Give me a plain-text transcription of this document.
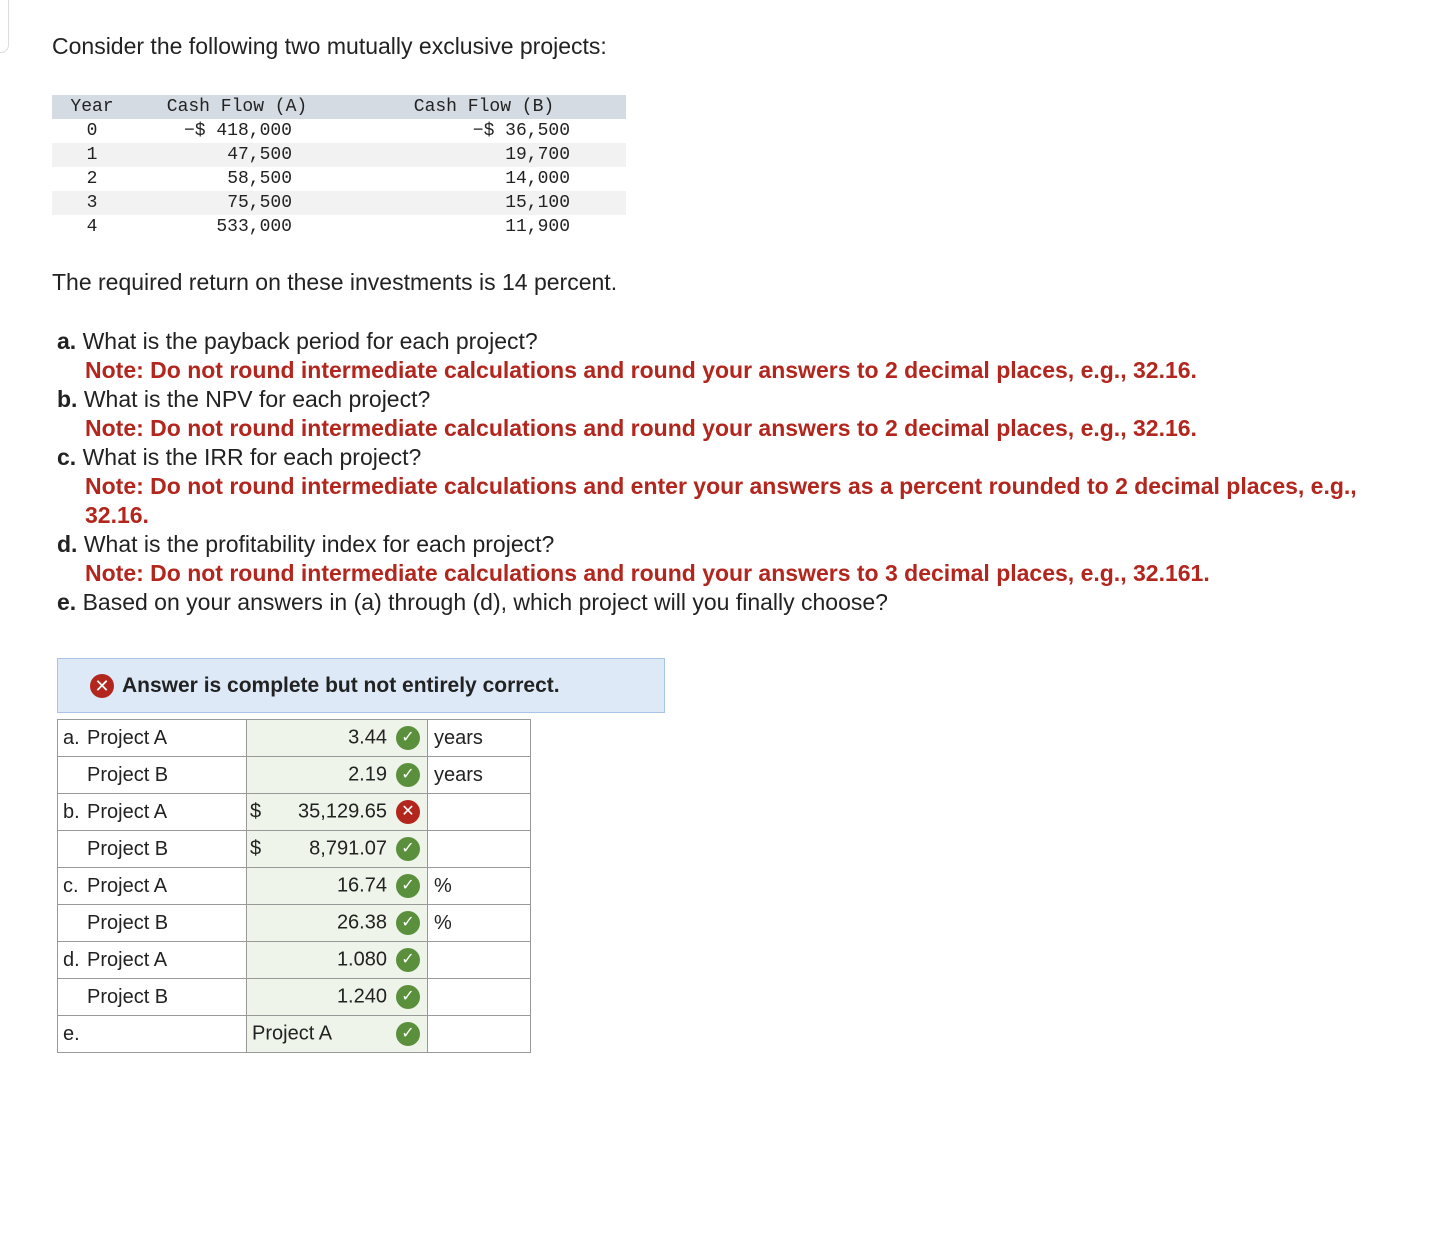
Consider the following two mutually exclusive projects:
Year	Cash Flow (A)	Cash Flow (B)
0	−$ 418,000	−$ 36,500
1	47,500	19,700
2	58,500	14,000
3	75,500	15,100
4	533,000	11,900
The required return on these investments is 14 percent.
a. What is the payback period for each project?
Note: Do not round intermediate calculations and round your answers to 2 decimal places, e.g., 32.16.
b. What is the NPV for each project?
Note: Do not round intermediate calculations and round your answers to 2 decimal places, e.g., 32.16.
c. What is the IRR for each project?
Note: Do not round intermediate calculations and enter your answers as a percent rounded to 2 decimal places, e.g., 32.16.
d. What is the profitability index for each project?
Note: Do not round intermediate calculations and round your answers to 3 decimal places, e.g., 32.161.
e. Based on your answers in (a) through (d), which project will you finally choose?
✕ Answer is complete but not entirely correct.
a. Project A	3.44 ✓	years
Project B	2.19 ✓	years
b. Project A	$ 35,129.65 ✕	

Project B	$ 8,791.07 ✓	

c. Project A	16.74 ✓	%
Project B	26.38 ✓	%
d. Project A	1.080 ✓	

Project B	1.240 ✓	

e.	Project A ✓	
